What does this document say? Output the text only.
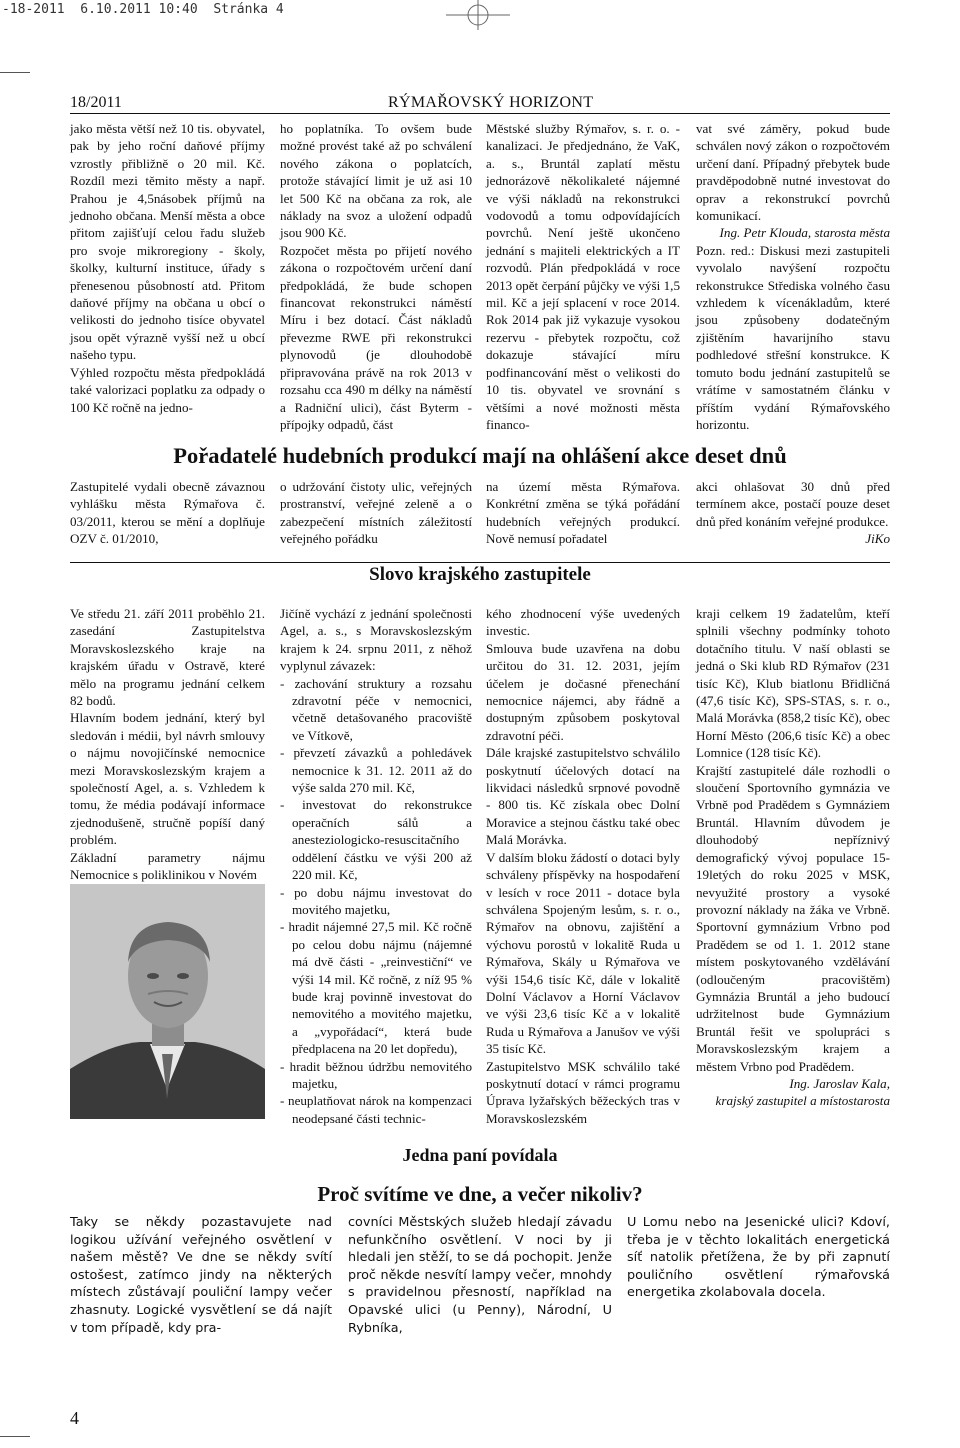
-18-2011  6.10.2011 10:40  Stránka 4
18/2011	RÝMAŘOVSKÝ HORIZONT

jako města větší než 10 tis. obyvatel, pak by jeho roční daňové příjmy vzrostly přibližně o 20 mil. Kč. Rozdíl mezi těmito městy a např. Prahou je 4,5násobek příjmů na jednoho občana. Menší města a obce přitom zajišťují celou řadu služeb pro svoje mikroregiony - školy, školky, kulturní instituce, úřady s přenesenou působností atd. Přitom daňové příjmy na občana u obcí o velikosti do jednoho tisíce obyvatel jsou opět výrazně vyšší než u obcí našeho typu.

Výhled rozpočtu města předpokládá také valorizaci poplatku za odpady o 100 Kč ročně na jedno-

ho poplatníka. To ovšem bude možné provést také až po schválení nového zákona o poplatcích, protože stávající limit je už asi 10 let 500 Kč na občana za rok, ale náklady na svoz a uložení odpadů jsou 900 Kč.

Rozpočet města po přijetí nového zákona o rozpočtovém určení daní předpokládá, že bude schopen financovat rekonstrukci náměstí Míru i bez dotací. Část nákladů převezme RWE při rekonstrukci plynovodů (je dlouhodobě připravována právě na rok 2013 v rozsahu cca 490 m délky na náměstí a Radniční ulici), část Byterm - přípojky odpadů, část

Městské služby Rýmařov, s. r. o. - kanalizaci. Je předjednáno, že VaK, a. s., Bruntál zaplatí městu jednorázově několikaleté nájemné ve výši nákladů na rekonstrukci vodovodů a tomu odpovídajících povrchů. Není ještě ukončeno jednání s majiteli elektrických a IT rozvodů. Plán předpokládá v roce 2013 opět čerpání půjčky ve výši 1,5 mil. Kč a její splacení v roce 2014. Rok 2014 pak již vykazuje vysokou rezervu - přebytek rozpočtu, což dokazuje stávající míru podfinancování měst o velikosti do 10 tis. obyvatel ve srovnání s většími a nové možnosti města financo-

vat své záměry, pokud bude schválen nový zákon o rozpočtovém určení daní. Případný přebytek bude pravděpodobně nutné investovat do oprav a rekonstrukcí povrchů komunikací.

Ing. Petr Klouda, starosta města

Pozn. red.: Diskusi mezi zastupiteli vyvolalo navýšení rozpočtu rekonstrukce Střediska volného času vzhledem k vícenákladům, které jsou způsobeny dodatečným zjištěním havarijního stavu podhledové střešní konstrukce. K tomuto bodu jednání zastupitelů se vrátíme v samostatném článku v příštím vydání Rýmařovského horizontu.

Pořadatelé hudebních produkcí mají na ohlášení akce deset dnů

Zastupitelé vydali obecně závaznou vyhlášku města Rýmařova č. 03/2011, kterou se mění a doplňuje OZV č. 01/2010,

o udržování čistoty ulic, veřejných prostranství, veřejné zeleně a o zabezpečení místních záležitostí veřejného pořádku

na území města Rýmařova. Konkrétní změna se týká pořádání hudebních veřejných produkcí. Nově nemusí pořadatel

akci ohlašovat 30 dnů před termínem akce, postačí pouze deset dnů před konáním veřejné produkce.
JiKo

Slovo krajského zastupitele

Ve středu 21. září 2011 proběhlo 21. zasedání Zastupitelstva Moravskoslezského kraje na krajském úřadu v Ostravě, které mělo na programu jednání celkem 82 bodů.

Hlavním bodem jednání, který byl sledován i médii, byl návrh smlouvy o nájmu novojičínské nemocnice mezi Moravskoslezským krajem a společností Agel, a. s. Vzhledem k tomu, že média podávají informace zjednodušeně, stručně popíší daný problém.

Základní parametry nájmu Nemocnice s poliklinikou v Novém

Jičíně vychází z jednání společnosti Agel, a. s., s Moravskoslezským krajem k 24. srpnu 2011, z něhož vyplynul závazek:

- zachování struktury a rozsahu zdravotní péče v nemocnici, včetně detašovaného pracoviště ve Vítkově,

- převzetí závazků a pohledávek nemocnice k 31. 12. 2011 až do výše salda 270 mil. Kč,

- investovat do rekonstrukce operačních sálů a anesteziologicko-resuscitačního oddělení částku ve výši 200 až 220 mil. Kč,

- po dobu nájmu investovat do movitého majetku,

- hradit nájemné 27,5 mil. Kč ročně po celou dobu nájmu (nájemné má dvě části - „reinvestiční“ ve výši 14 mil. Kč ročně, z níž 95 % bude kraj povinně investovat do nemovitého a movitého majetku, a „vypořádací“, která bude předplacena na 20 let dopředu),

- hradit běžnou údržbu nemovitého majetku,

- neuplatňovat nárok na kompenzaci neodepsané části technic-

kého zhodnocení výše uvedených investic.

Smlouva bude uzavřena na dobu určitou do 31. 12. 2031, jejím účelem je dočasné přenechání nemocnice nájemci, aby řádně a dostupným způsobem poskytoval zdravotní péči.

Dále krajské zastupitelstvo schválilo poskytnutí účelových dotací na likvidaci následků srpnové povodně - 800 tis. Kč získala obec Dolní Moravice a stejnou částku také obec Malá Morávka.

V dalším bloku žádostí o dotaci byly schváleny příspěvky na hospodaření v lesích v roce 2011 - dotace byla schválena Spojeným lesům, s. r. o., Rýmařov na obnovu, zajištění a výchovu porostů v lokalitě Ruda u Rýmařova, Skály u Rýmařova ve výši 154,6 tisíc Kč, dále v lokalitě Dolní Václavov a Horní Václavov ve výši 23,6 tisíc Kč a v lokalitě Ruda u Rýmařova a Janušov ve výši 35 tisíc Kč.

Zastupitelstvo MSK schválilo také poskytnutí dotací v rámci programu Úprava lyžařských běžeckých tras v Moravskoslezském

kraji celkem 19 žadatelům, kteří splnili všechny podmínky tohoto dotačního titulu. V naší oblasti se jedná o Ski klub RD Rýmařov (231 tisíc Kč), Klub biatlonu Břidličná (47,6 tisíc Kč), SPS-STAS, s. r. o., Malá Morávka (858,2 tisíc Kč), obec Horní Město (206,6 tisíc Kč) a obec Lomnice (128 tisíc Kč).

Krajští zastupitelé dále rozhodli o sloučení Sportovního gymnázia ve Vrbně pod Pradědem s Gymnáziem Bruntál. Hlavním důvodem je dlouhodobý nepříznivý demografický vývoj populace 15-19letých do roku 2025 v MSK, nevyužité prostory a vysoké provozní náklady na žáka ve Vrbně. Sportovní gymnázium Vrbno pod Pradědem se od 1. 1. 2012 stane místem poskytovaného vzdělávání (odloučeným pracovištěm) Gymnázia Bruntál a jeho budoucí udržitelnost bude Gymnázium Bruntál řešit ve spolupráci s Moravskoslezským krajem a městem Vrbno pod Pradědem.

Ing. Jaroslav Kala,

krajský zastupitel a místostarosta

Jedna paní povídala
Proč svítíme ve dne, a večer nikoliv?
Taky se někdy pozastavujete nad logikou užívání veřejného osvětlení v našem městě? Ve dne se někdy svítí ostošest, zatímco jindy na některých místech zůstávají pouliční lampy večer zhasnuty. Logické vysvětlení se dá najít v tom případě, kdy pra-
covníci Městských služeb hledají závadu nefunkčního osvětlení. V noci by ji hledali jen stěží, to se dá pochopit. Jenže proč někde nesvítí lampy večer, mnohdy s pravidelnou přesností, například na Opavské ulici (u Penny), Národní, U Rybníka,
U Lomu nebo na Jesenické ulici? Kdoví, třeba je v těchto lokalitách energetická síť natolik přetížena, že by při zapnutí pouličního osvětlení rýmařovská energetika zkolabovala docela.
4
